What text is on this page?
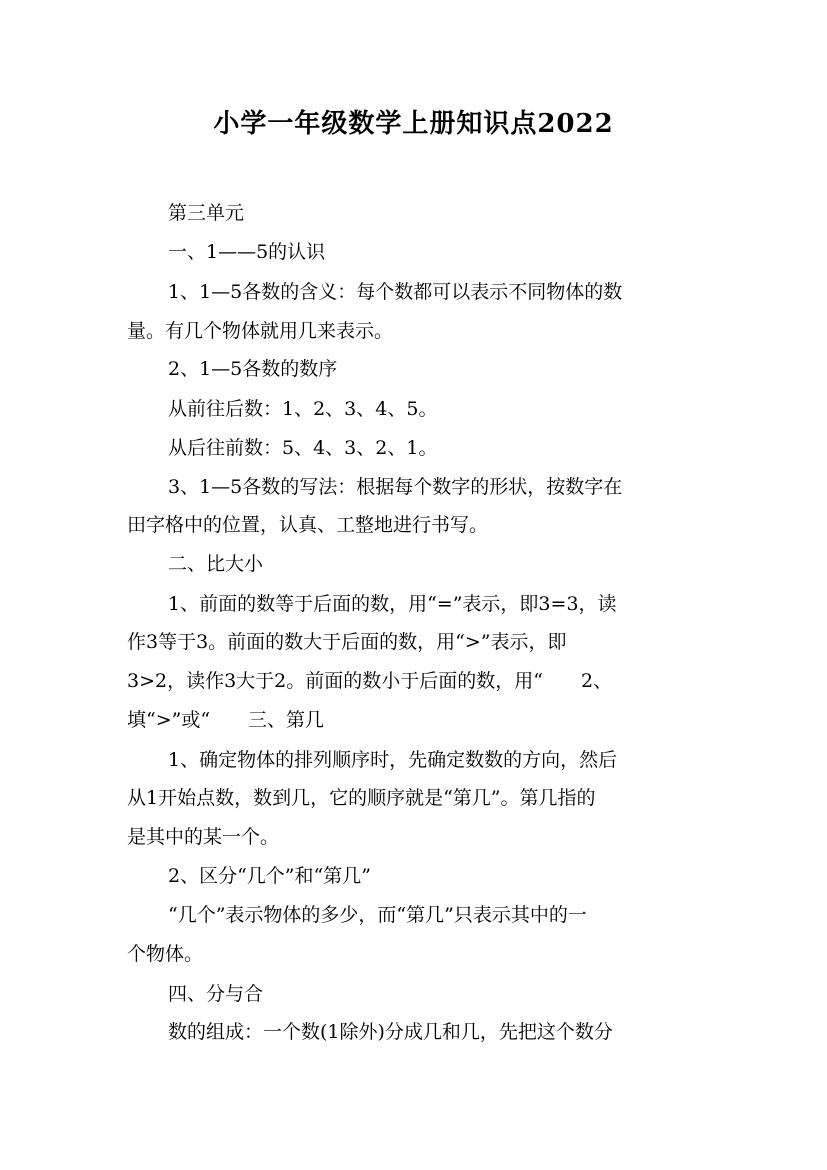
小学一年级数学上册知识点2022
第三单元
一、1——5的认识
1、1—5各数的含义：每个数都可以表示不同物体的数
量。有几个物体就用几来表示。
2、1—5各数的数序
从前往后数：1、2、3、4、5。
从后往前数：5、4、3、2、1。
3、1—5各数的写法：根据每个数字的形状，按数字在
田字格中的位置，认真、工整地进行书写。
二、比大小
1、前面的数等于后面的数，用“=”表示，即3=3，读
作3等于3。前面的数大于后面的数，用“>”表示，即
3>2，读作3大于2。前面的数小于后面的数，用“　　2、
填“>”或“　　三、第几
1、确定物体的排列顺序时，先确定数数的方向，然后
从1开始点数，数到几，它的顺序就是“第几”。第几指的
是其中的某一个。
2、区分“几个”和“第几”
“几个”表示物体的多少，而“第几”只表示其中的一
个物体。
四、分与合
数的组成：一个数(1除外)分成几和几，先把这个数分
